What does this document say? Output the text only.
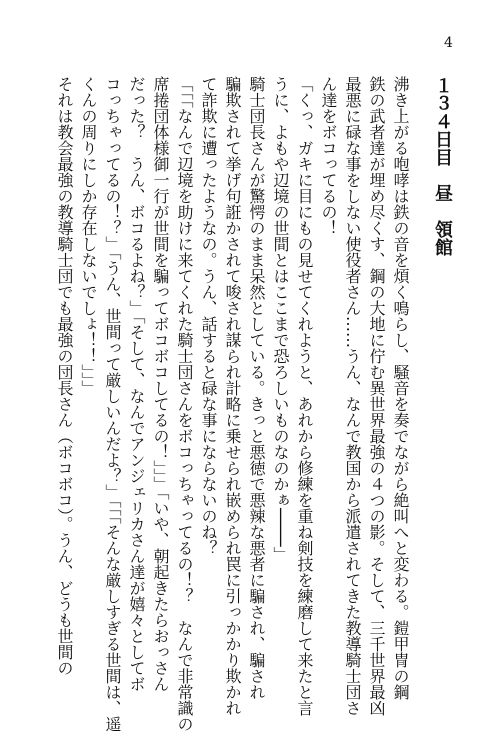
4
１３４日目　昼　領館
沸き上がる咆哮は鉄の音を煩く鳴らし、騒音を奏でながら絶叫へと変わる。鎧甲冑の鋼
鉄の武者達が埋め尽くす、鋼の大地に佇む異世界最強の４つの影。そして、三千世界最凶
最悪に碌な事をしない使役者さん……うん、なんで教国から派遣されてきた教導騎士団さ
ん達をボコってるの！
「くっ、ガキに目にもの見せてくれようと、あれから修練を重ね剣技を練磨して来たと言
うに、よもや辺境の世間とはここまで恐ろしいものなのかぁ────」
騎士団長さんが驚愕のまま呆然としている。きっと悪徳で悪辣な悪者に騙され、騙され
騙欺されて挙げ句誑かされて唆され謀られ計略に乗せられ嵌められ罠に引っかかり欺かれ
て詐欺に遭ったようなの。うん、話すると碌な事にならないのね？
「「「なんで辺境を助けに来てくれた騎士団さんをボコっちゃってるの！？　なんで非常識の
席捲団体様御一行が世間を騙ってボコボコしてるの！」」」「いや、朝起きたらおっさん
だった？　うん、ボコるよね？」「そして、なんでアンジェリカさん達が嬉々としてボ
コっちゃってるの！？」「うん、世間って厳しいんだよ？」「「「そんな厳しすぎる世間は、遥
くんの周りにしか存在しないでしょ！！」」」
それは教会最強の教導騎士団でも最強の団長さん（ボコボコ）。うん、どうも世間の
